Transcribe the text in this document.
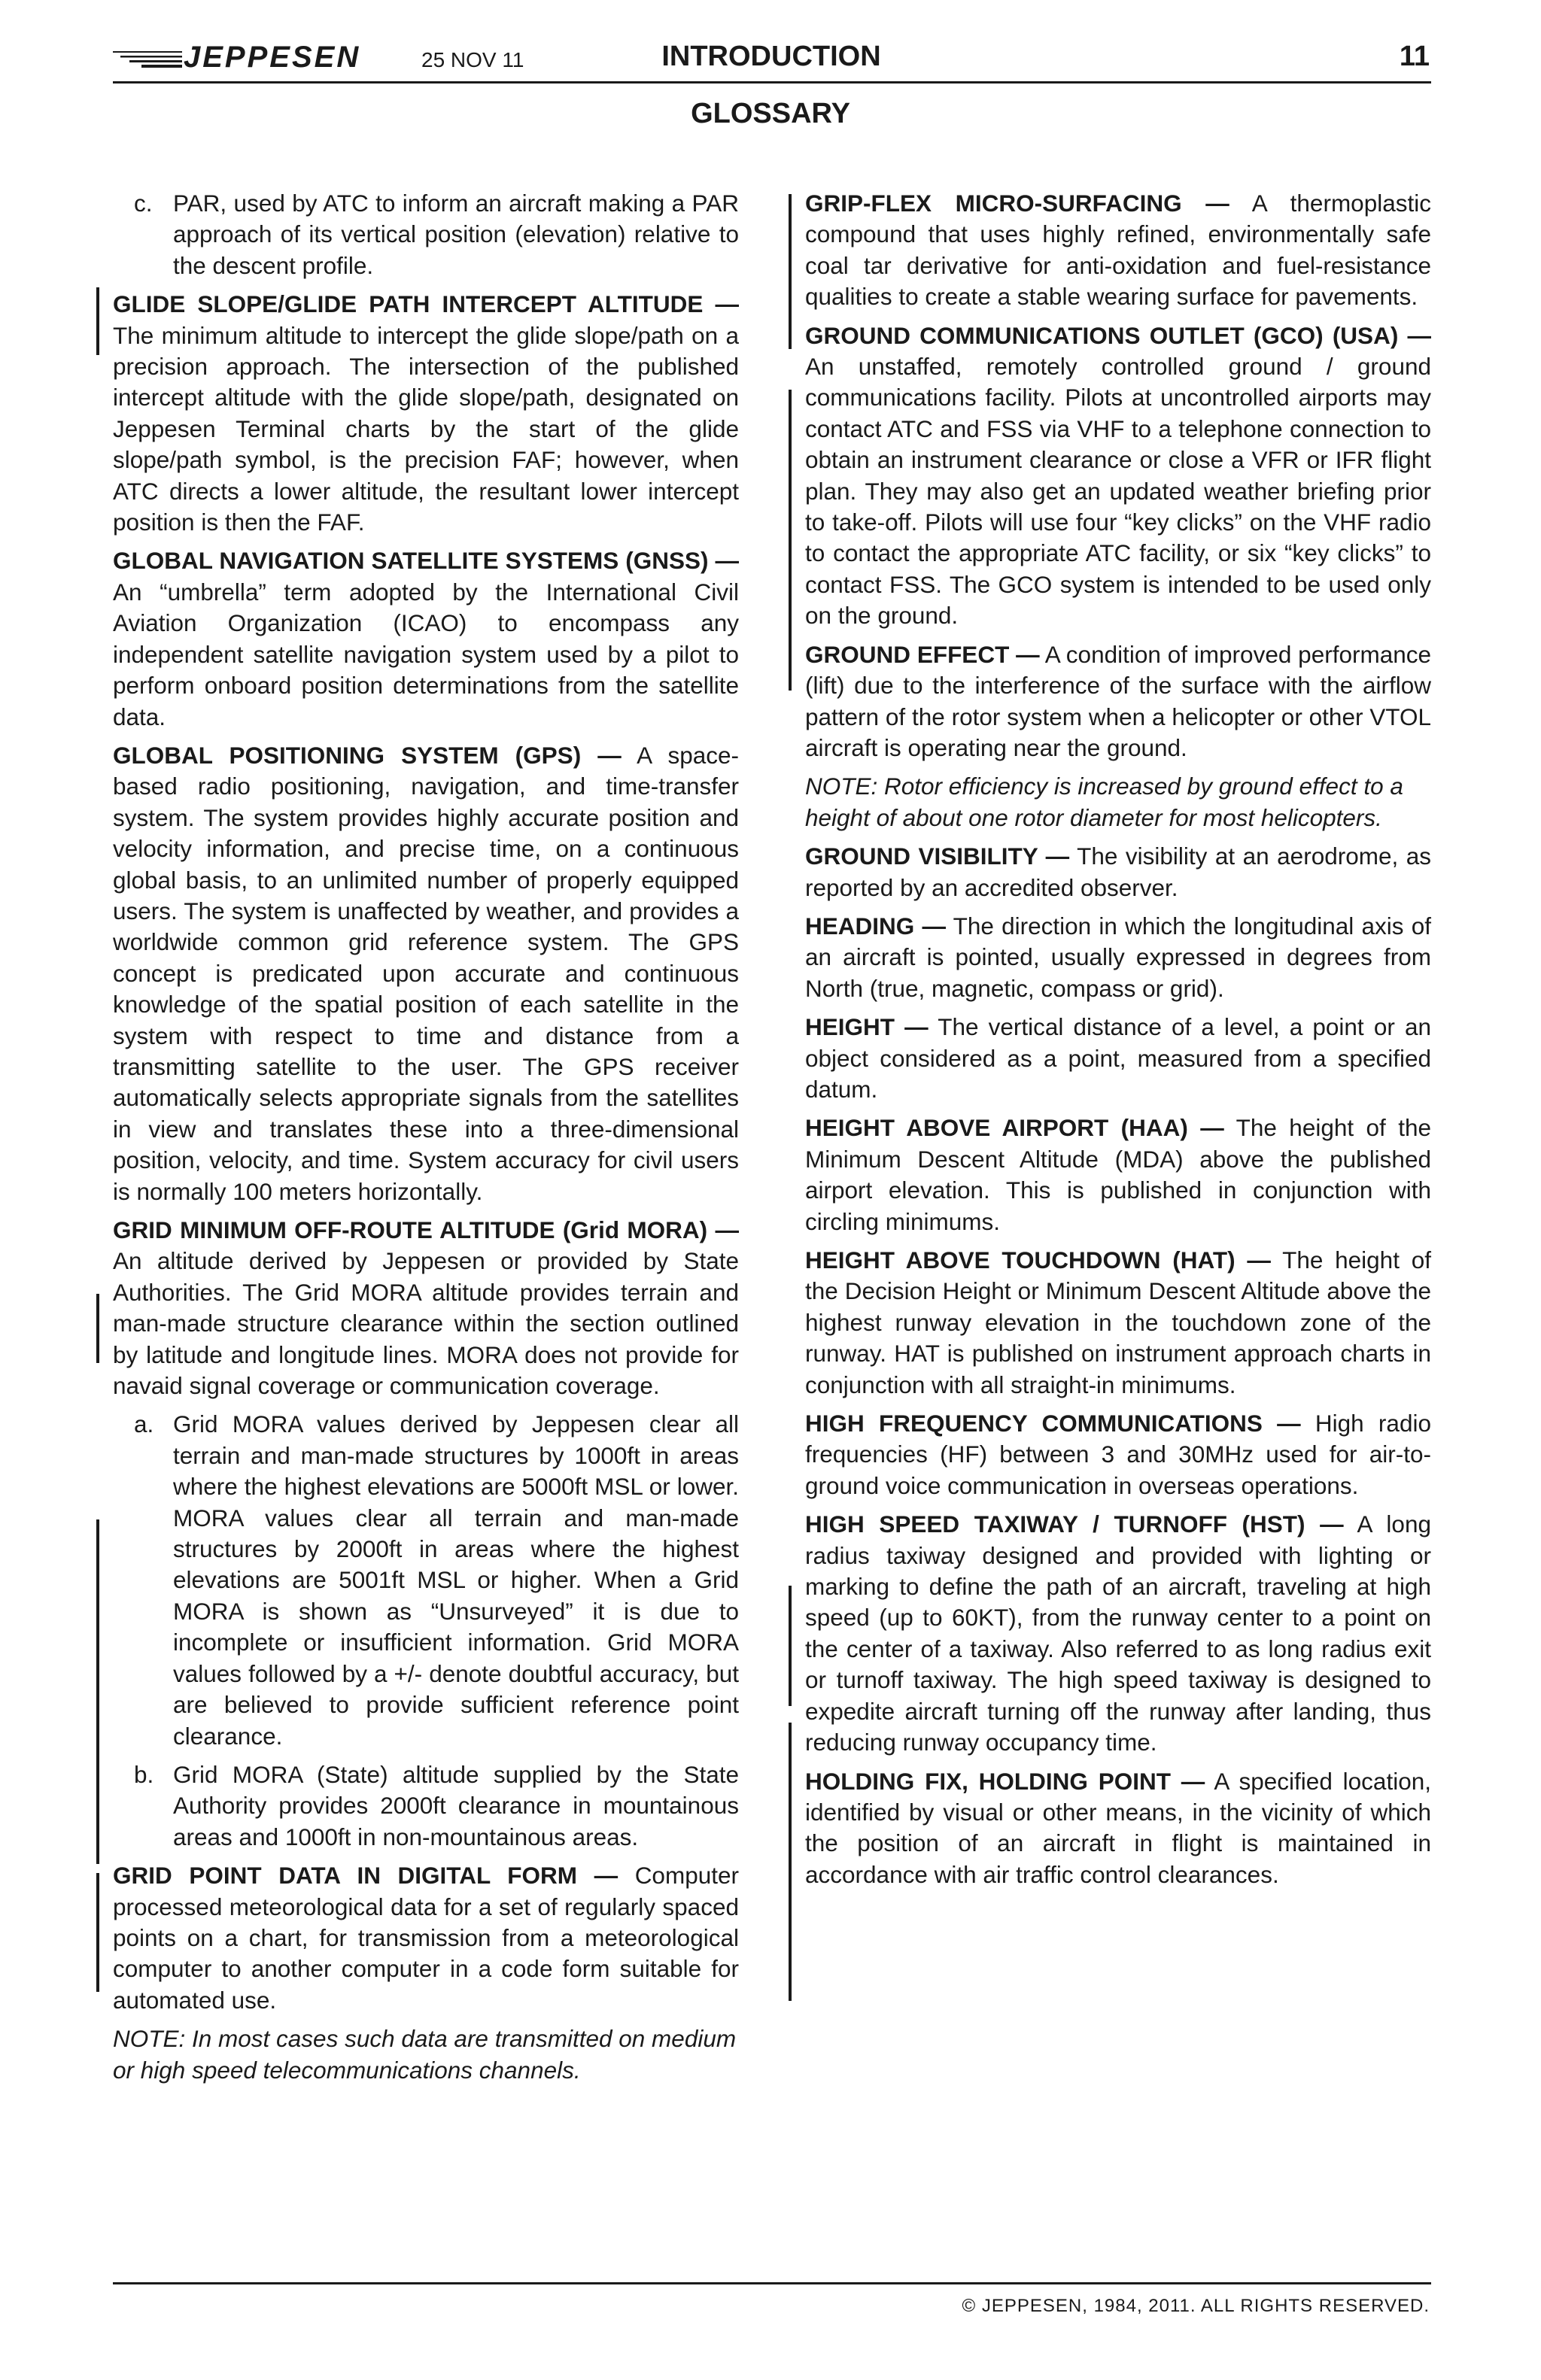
JEPPESEN	25 NOV 11	INTRODUCTION	11
GLOSSARY
c. PAR, used by ATC to inform an aircraft making a PAR approach of its vertical position (elevation) relative to the descent profile.

GLIDE SLOPE/GLIDE PATH INTERCEPT ALTITUDE — The minimum altitude to intercept the glide slope/path on a precision approach. The intersection of the published intercept altitude with the glide slope/path, designated on Jeppesen Terminal charts by the start of the glide slope/path symbol, is the precision FAF; however, when ATC directs a lower altitude, the resultant lower intercept position is then the FAF.

GLOBAL NAVIGATION SATELLITE SYSTEMS (GNSS) — An “umbrella” term adopted by the International Civil Aviation Organization (ICAO) to encompass any independent satellite navigation system used by a pilot to perform onboard position determinations from the satellite data.

GLOBAL POSITIONING SYSTEM (GPS) — A space-based radio positioning, navigation, and time-transfer system. The system provides highly accurate position and velocity information, and precise time, on a continuous global basis, to an unlimited number of properly equipped users. The system is unaffected by weather, and provides a worldwide common grid reference system. The GPS concept is predicated upon accurate and continuous knowledge of the spatial position of each satellite in the system with respect to time and distance from a transmitting satellite to the user. The GPS receiver automatically selects appropriate signals from the satellites in view and translates these into a three-dimensional position, velocity, and time. System accuracy for civil users is normally 100 meters horizontally.

GRID MINIMUM OFF-ROUTE ALTITUDE (Grid MORA) — An altitude derived by Jeppesen or provided by State Authorities. The Grid MORA altitude provides terrain and man-made structure clearance within the section outlined by latitude and longitude lines. MORA does not provide for navaid signal coverage or communication coverage.

a. Grid MORA values derived by Jeppesen clear all terrain and man-made structures by 1000ft in areas where the highest elevations are 5000ft MSL or lower. MORA values clear all terrain and man-made structures by 2000ft in areas where the highest elevations are 5001ft MSL or higher. When a Grid MORA is shown as “Unsurveyed” it is due to incomplete or insufficient information. Grid MORA values followed by a +/- denote doubtful accuracy, but are believed to provide sufficient reference point clearance.
b. Grid MORA (State) altitude supplied by the State Authority provides 2000ft clearance in mountainous areas and 1000ft in non-mountainous areas.

GRID POINT DATA IN DIGITAL FORM — Computer processed meteorological data for a set of regularly spaced points on a chart, for transmission from a meteorological computer to another computer in a code form suitable for automated use.

NOTE: In most cases such data are transmitted on medium or high speed telecommunications channels.

GRIP-FLEX MICRO-SURFACING — A thermoplastic compound that uses highly refined, environmentally safe coal tar derivative for anti-oxidation and fuel-resistance qualities to create a stable wearing surface for pavements.

GROUND COMMUNICATIONS OUTLET (GCO) (USA) — An unstaffed, remotely controlled ground / ground communications facility. Pilots at uncontrolled airports may contact ATC and FSS via VHF to a telephone connection to obtain an instrument clearance or close a VFR or IFR flight plan. They may also get an updated weather briefing prior to take-off. Pilots will use four “key clicks” on the VHF radio to contact the appropriate ATC facility, or six “key clicks” to contact FSS. The GCO system is intended to be used only on the ground.

GROUND EFFECT — A condition of improved performance (lift) due to the interference of the surface with the airflow pattern of the rotor system when a helicopter or other VTOL aircraft is operating near the ground.

NOTE: Rotor efficiency is increased by ground effect to a height of about one rotor diameter for most helicopters.

GROUND VISIBILITY — The visibility at an aerodrome, as reported by an accredited observer.

HEADING — The direction in which the longitudinal axis of an aircraft is pointed, usually expressed in degrees from North (true, magnetic, compass or grid).

HEIGHT — The vertical distance of a level, a point or an object considered as a point, measured from a specified datum.

HEIGHT ABOVE AIRPORT (HAA) — The height of the Minimum Descent Altitude (MDA) above the published airport elevation. This is published in conjunction with circling minimums.

HEIGHT ABOVE TOUCHDOWN (HAT) — The height of the Decision Height or Minimum Descent Altitude above the highest runway elevation in the touchdown zone of the runway. HAT is published on instrument approach charts in conjunction with all straight-in minimums.

HIGH FREQUENCY COMMUNICATIONS — High radio frequencies (HF) between 3 and 30MHz used for air-to-ground voice communication in overseas operations.

HIGH SPEED TAXIWAY / TURNOFF (HST) — A long radius taxiway designed and provided with lighting or marking to define the path of an aircraft, traveling at high speed (up to 60KT), from the runway center to a point on the center of a taxiway. Also referred to as long radius exit or turnoff taxiway. The high speed taxiway is designed to expedite aircraft turning off the runway after landing, thus reducing runway occupancy time.

HOLDING FIX, HOLDING POINT — A specified location, identified by visual or other means, in the vicinity of which the position of an aircraft in flight is maintained in accordance with air traffic control clearances.

© JEPPESEN, 1984, 2011. ALL RIGHTS RESERVED.
